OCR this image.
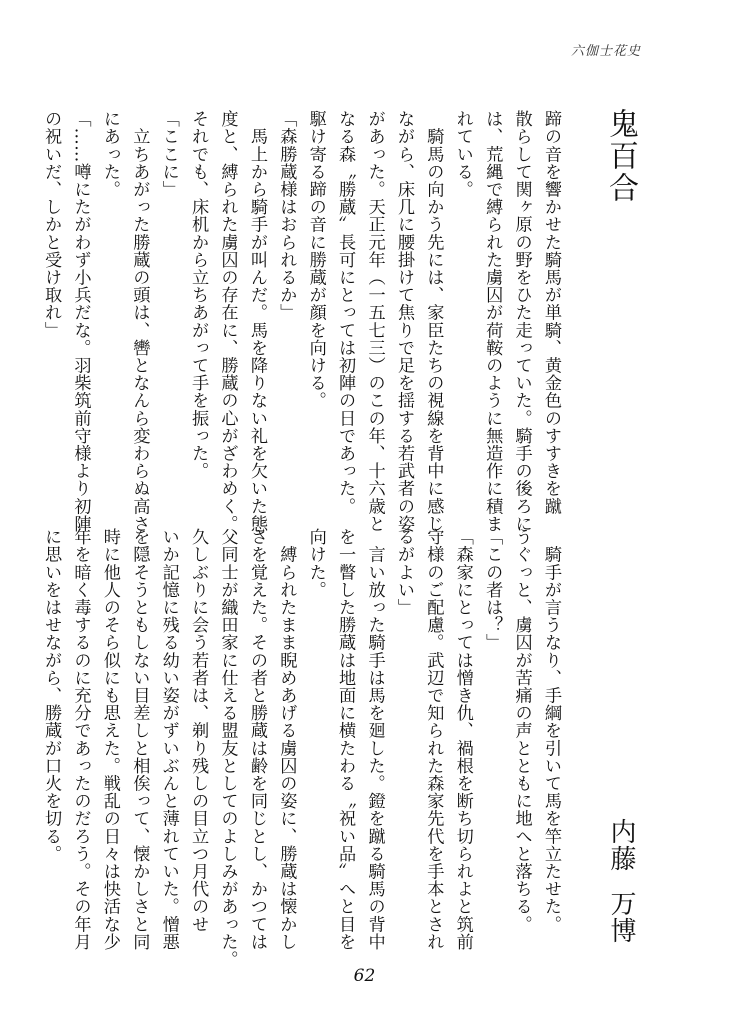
六伽士花史
鬼百合
内藤万博
蹄の音を響かせた騎馬が単騎、黄金色のすすきを蹴
散らして関ヶ原の野をひた走っていた。騎手の後ろに
は、荒縄で縛られた虜囚が荷鞍のように無造作に積ま
れている。
　騎馬の向かう先には、家臣たちの視線を背中に感じ
ながら、床几に腰掛けて焦りで足を揺する若武者の姿
があった。天正元年（一五七三）のこの年、十六歳と
なる森〝勝蔵〟長可にとっては初陣の日であった。
駆け寄る蹄の音に勝蔵が顔を向ける。
「森勝蔵様はおられるか」
　馬上から騎手が叫んだ。馬を降りない礼を欠いた態
度と、縛られた虜囚の存在に、勝蔵の心がざわめく。
それでも、床机から立ちあがって手を振った。
「ここに」
　立ちあがった勝蔵の頭は、轡となんら変わらぬ高さ
にあった。
「……噂にたがわず小兵だな。羽柴筑前守様より初陣
の祝いだ、しかと受け取れ」
　騎手が言うなり、手綱を引いて馬を竿立たせた。
うぐっと、虜囚が苦痛の声とともに地へと落ちる。
「この者は？」
「森家にとっては憎き仇、禍根を断ち切られよと筑前
守様のご配慮。武辺で知られた森家先代を手本とされ
るがよい」
　言い放った騎手は馬を廻した。鐙を蹴る騎馬の背中
を一瞥した勝蔵は地面に横たわる〝祝い品〟へと目を
向けた。
　縛られたまま睨めあげる虜囚の姿に、勝蔵は懐かし
さを覚えた。その者と勝蔵は齢を同じとし、かつては
父同士が織田家に仕える盟友としてのよしみがあった。
久しぶりに会う若者は、剃り残しの目立つ月代のせ
いか記憶に残る幼い姿がずいぶんと薄れていた。憎悪
を隠そうともしない目差しと相俟って、懐かしさと同
時に他人のそら似にも思えた。戦乱の日々は快活な少
年を暗く毒するのに充分であったのだろう。その年月
に思いをはせながら、勝蔵が口火を切る。
62
